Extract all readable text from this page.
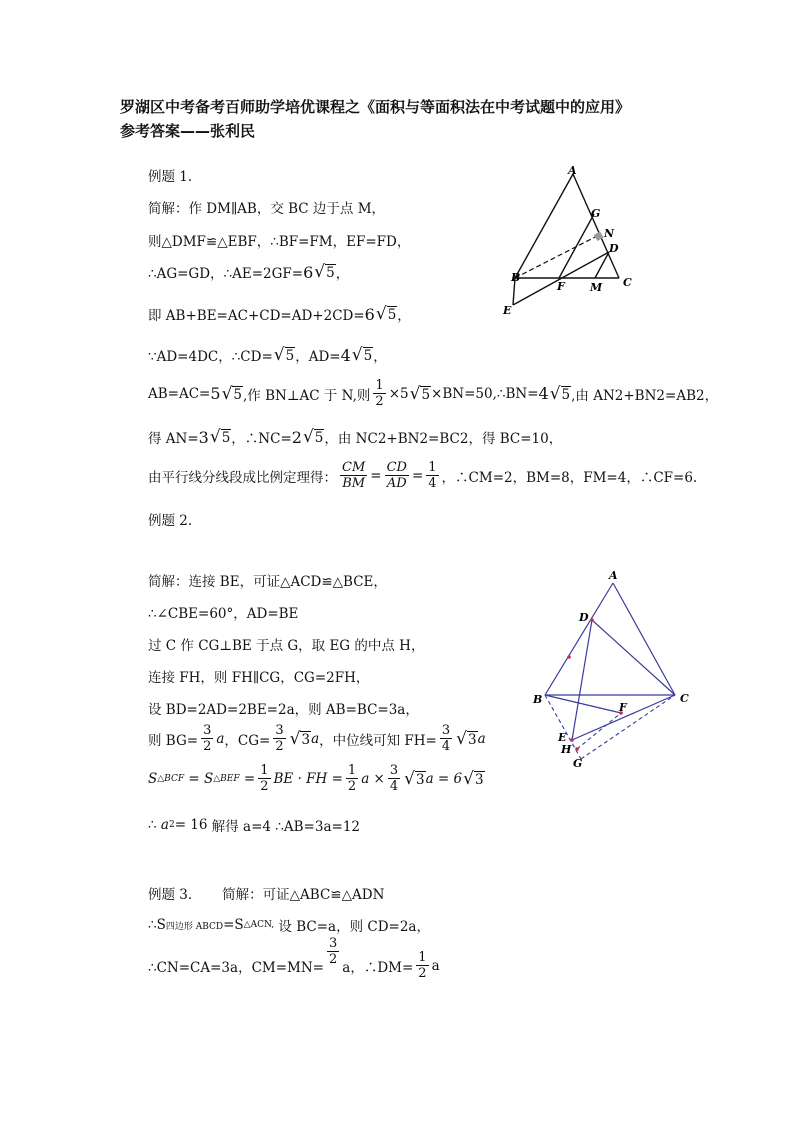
罗湖区中考备考百师助学培优课程之《面积与等面积法在中考试题中的应用》
参考答案——张利民
例题 1.
简解：作 DM∥AB，交 BC 边于点 M，
则△DMF≌△EBF，∴BF=FM，EF=FD，
∴AG=GD，∴AE=2GF= 6 √ 5 ，
即 AB+BE=AC+CD=AD+2CD= 6 √ 5 ，
∵AD=4DC，∴CD= √ 5 ，AD= 4 √ 5 ，
AB=AC= 5 √ 5 ,作 BN⊥AC 于 N,则 $\frac{1}{2} \times 5$ √ 5 ×BN=50,∴BN= 4 √ 5 ,由 AN2+BN2=AB2，
得 AN= 3 √ 5 ，∴NC= 2 √ 5 ，由 NC2+BN2=BC2，得 BC=10，
由平行线分线段成比例定理得： $\frac{CM}{BM} = \frac{CD}{AD} = \frac{1}{4}$ ，∴CM=2，BM=8，FM=4，∴CF=6.
A
G
N
D
B
F M C
E
例题 2.
简解：连接 BE，可证△ACD≌△BCE，
∴∠CBE=60°，AD=BE
过 C 作 CG⊥BE 于点 G，取 EG 的中点 H，
连接 FH，则 FH∥CG，CG=2FH，
设 BD=2AD=2BE=2a，则 AB=BC=3a，
则 $BG= \frac{3}{2}$ a ，$CG= \frac{3}{2}$ √ 3 a ，中位线可知 $FH= \frac{3}{4}$ √ 3 a
S △BCF = S △BEF = $\frac{1}{2}$ BE · FH = $\frac{1}{2}$ $a \times \frac{3}{4}$ √ 3 a = 6 √ 3
∴
a 2 = 16
解得 a=4 ∴AB=3a=12
A
D
B	C
F
E
H
G
例题 3. 简解：可证△ABC≌△ADN
∴S 四边形 ABCD =S △ACN,
设 BC=a，则 CD=2a，
∴CN=CA=3a，CM=MN=
$\frac{3}{2}$
a，∴DM= $\frac{1}{2}$ a
